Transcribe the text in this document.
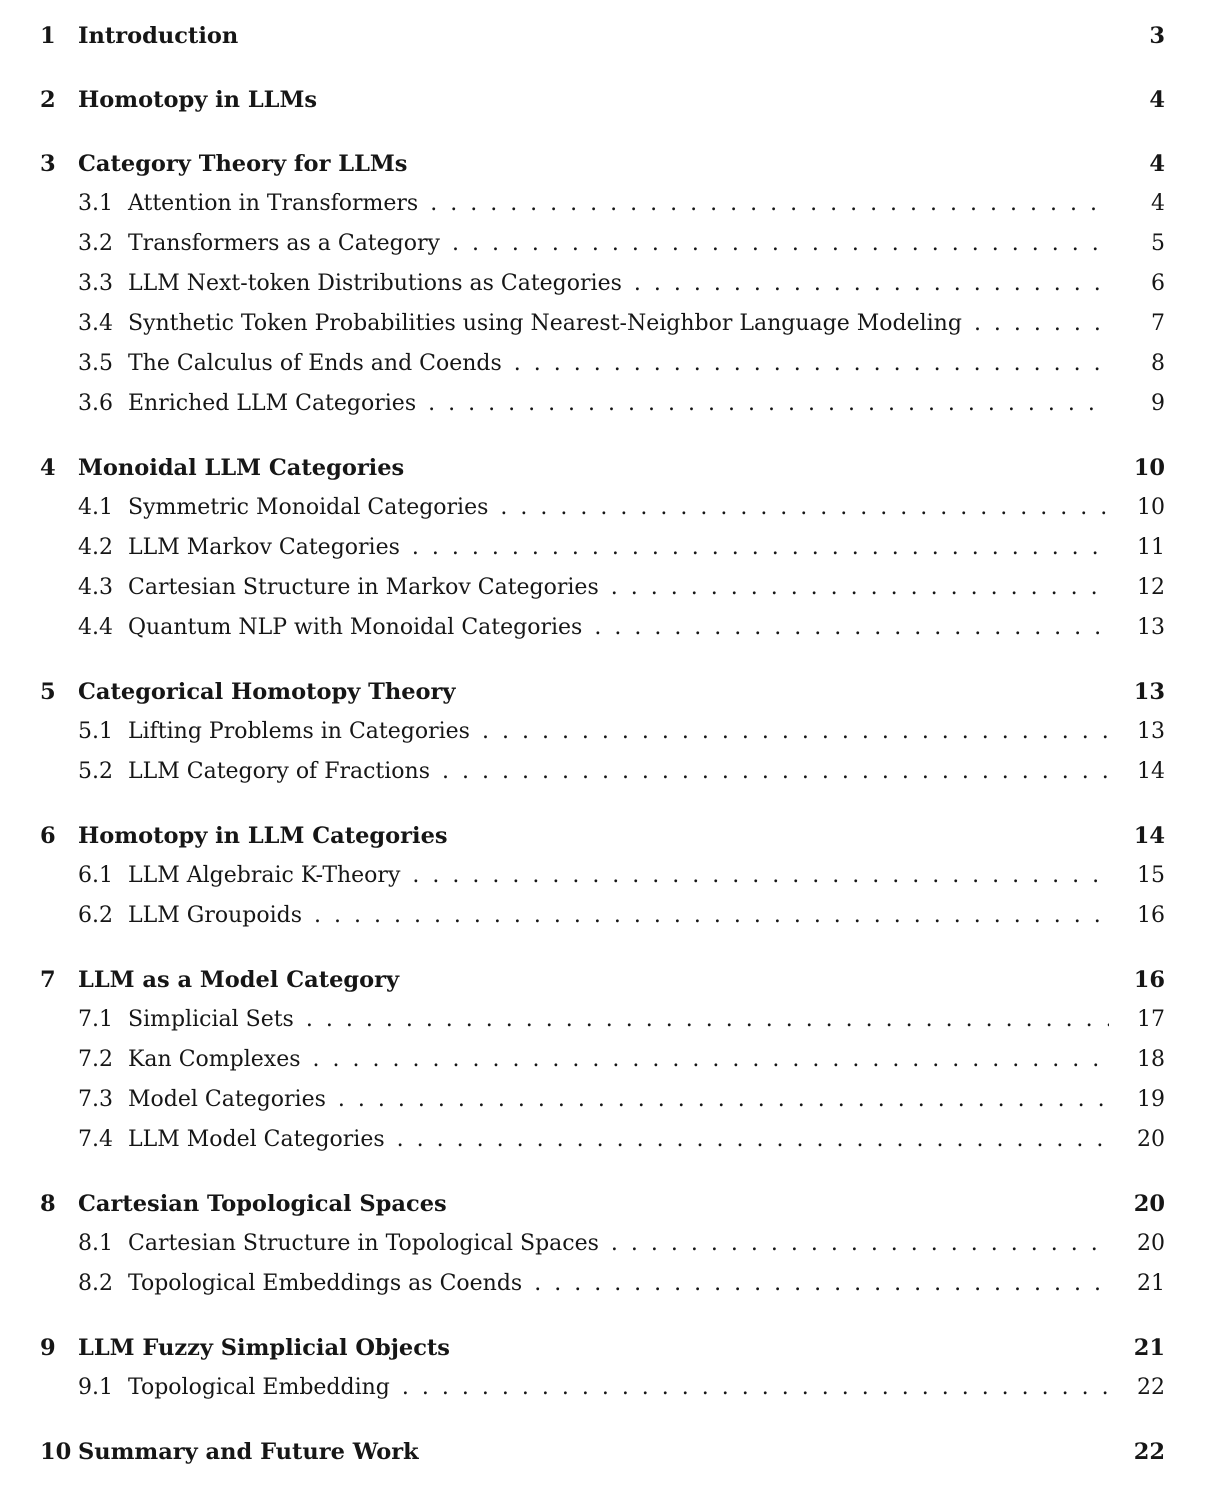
1 Introduction	3
2 Homotopy in LLMs	4
3 Category Theory for LLMs	4
3.1 Attention in Transformers .....	4
3.2 Transformers as a Category .....	5
3.3 LLM Next-token Distributions as Categories .....	6
3.4 Synthetic Token Probabilities using Nearest-Neighbor Language Modeling .....	7
3.5 The Calculus of Ends and Coends .....	8
3.6 Enriched LLM Categories .....	9
4 Monoidal LLM Categories	10
4.1 Symmetric Monoidal Categories .....	10
4.2 LLM Markov Categories .....	11
4.3 Cartesian Structure in Markov Categories .....	12
4.4 Quantum NLP with Monoidal Categories .....	13
5 Categorical Homotopy Theory	13
5.1 Lifting Problems in Categories .....	13
5.2 LLM Category of Fractions .....	14
6 Homotopy in LLM Categories	14
6.1 LLM Algebraic K-Theory .....	15
6.2 LLM Groupoids .....	16
7 LLM as a Model Category	16
7.1 Simplicial Sets .....	17
7.2 Kan Complexes .....	18
7.3 Model Categories .....	19
7.4 LLM Model Categories .....	20
8 Cartesian Topological Spaces	20
8.1 Cartesian Structure in Topological Spaces .....	20
8.2 Topological Embeddings as Coends .....	21
9 LLM Fuzzy Simplicial Objects	21
9.1 Topological Embedding .....	22
10 Summary and Future Work	22
